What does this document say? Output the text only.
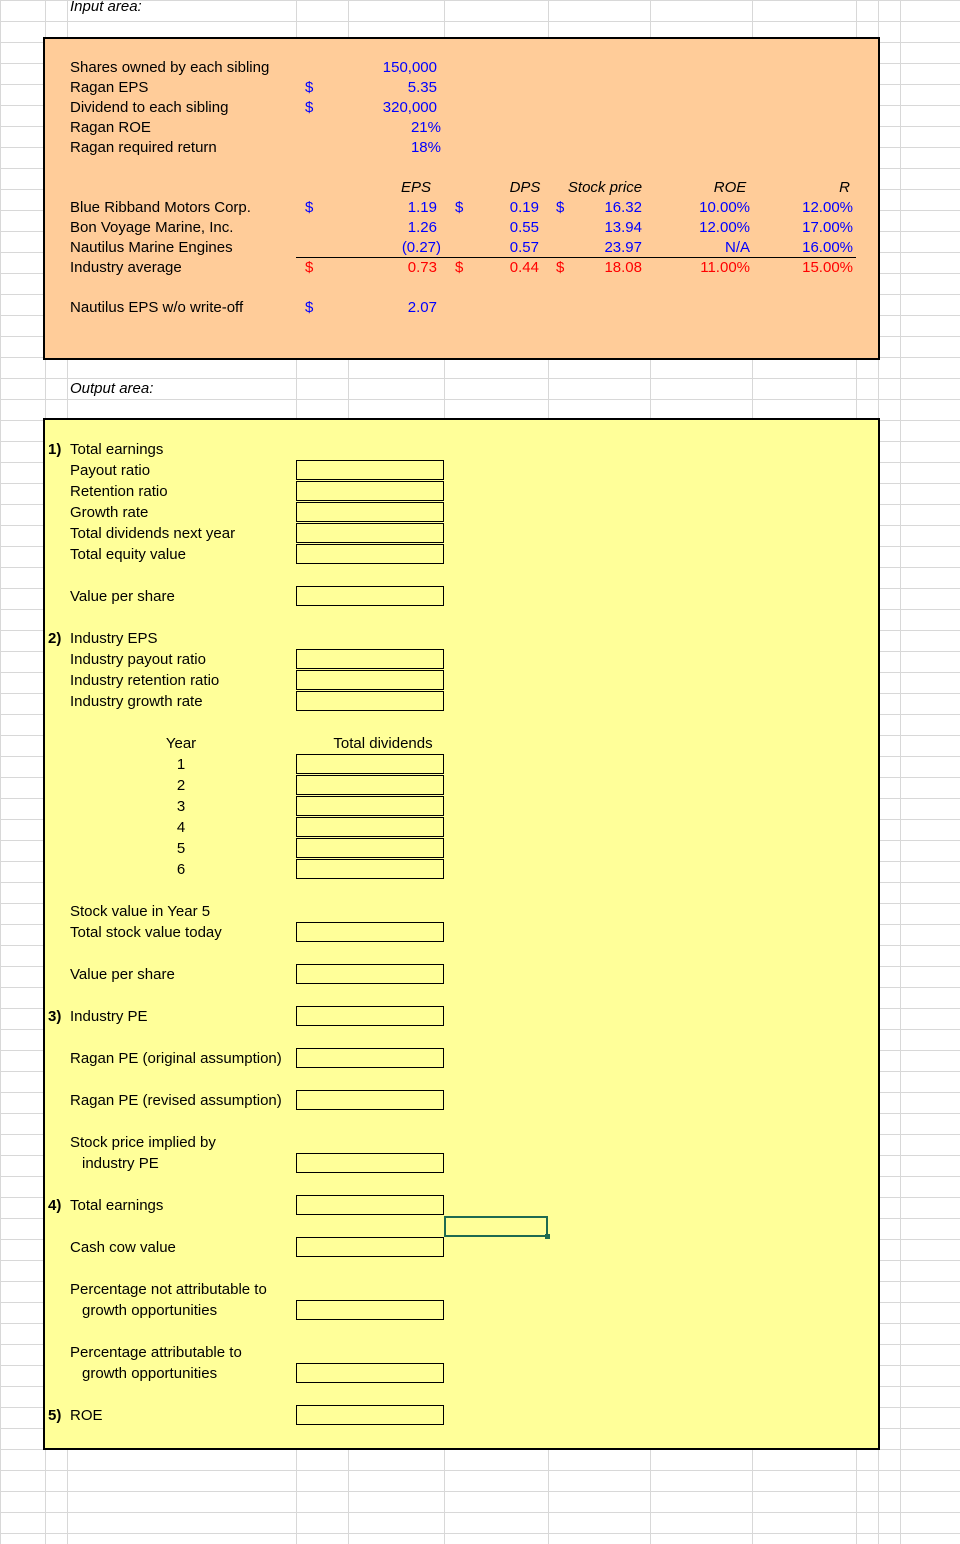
Input area:
Shares owned by each sibling	150,000
Ragan EPS	$	5.35
Dividend to each sibling	$	320,000
Ragan ROE	21%
Ragan required return	18%
EPS	DPS	Stock price	ROE	R
Blue Ribband Motors Corp.	$	1.19 $	0.19 $	16.32	10.00%	12.00%
Bon Voyage Marine, Inc.	1.26	0.55	13.94	12.00%	17.00%
Nautilus Marine Engines	(0.27)	0.57	23.97	N/A	16.00%
Industry average	$	0.73 $	0.44 $	18.08	11.00%	15.00%
Nautilus EPS w/o write-off	$	2.07
Output area:
1) Total earnings
Payout ratio
Retention ratio
Growth rate
Total dividends next year
Total equity value
Value per share
2) Industry EPS
Industry payout ratio
Industry retention ratio
Industry growth rate
Year	Total dividends
1
2
3
4
5
6
Stock value in Year 5
Total stock value today
Value per share
3) Industry PE
Ragan PE (original assumption)
Ragan PE (revised assumption)
Stock price implied by
industry PE
4) Total earnings
Cash cow value
Percentage not attributable to
growth opportunities
Percentage attributable to
growth opportunities
5) ROE
